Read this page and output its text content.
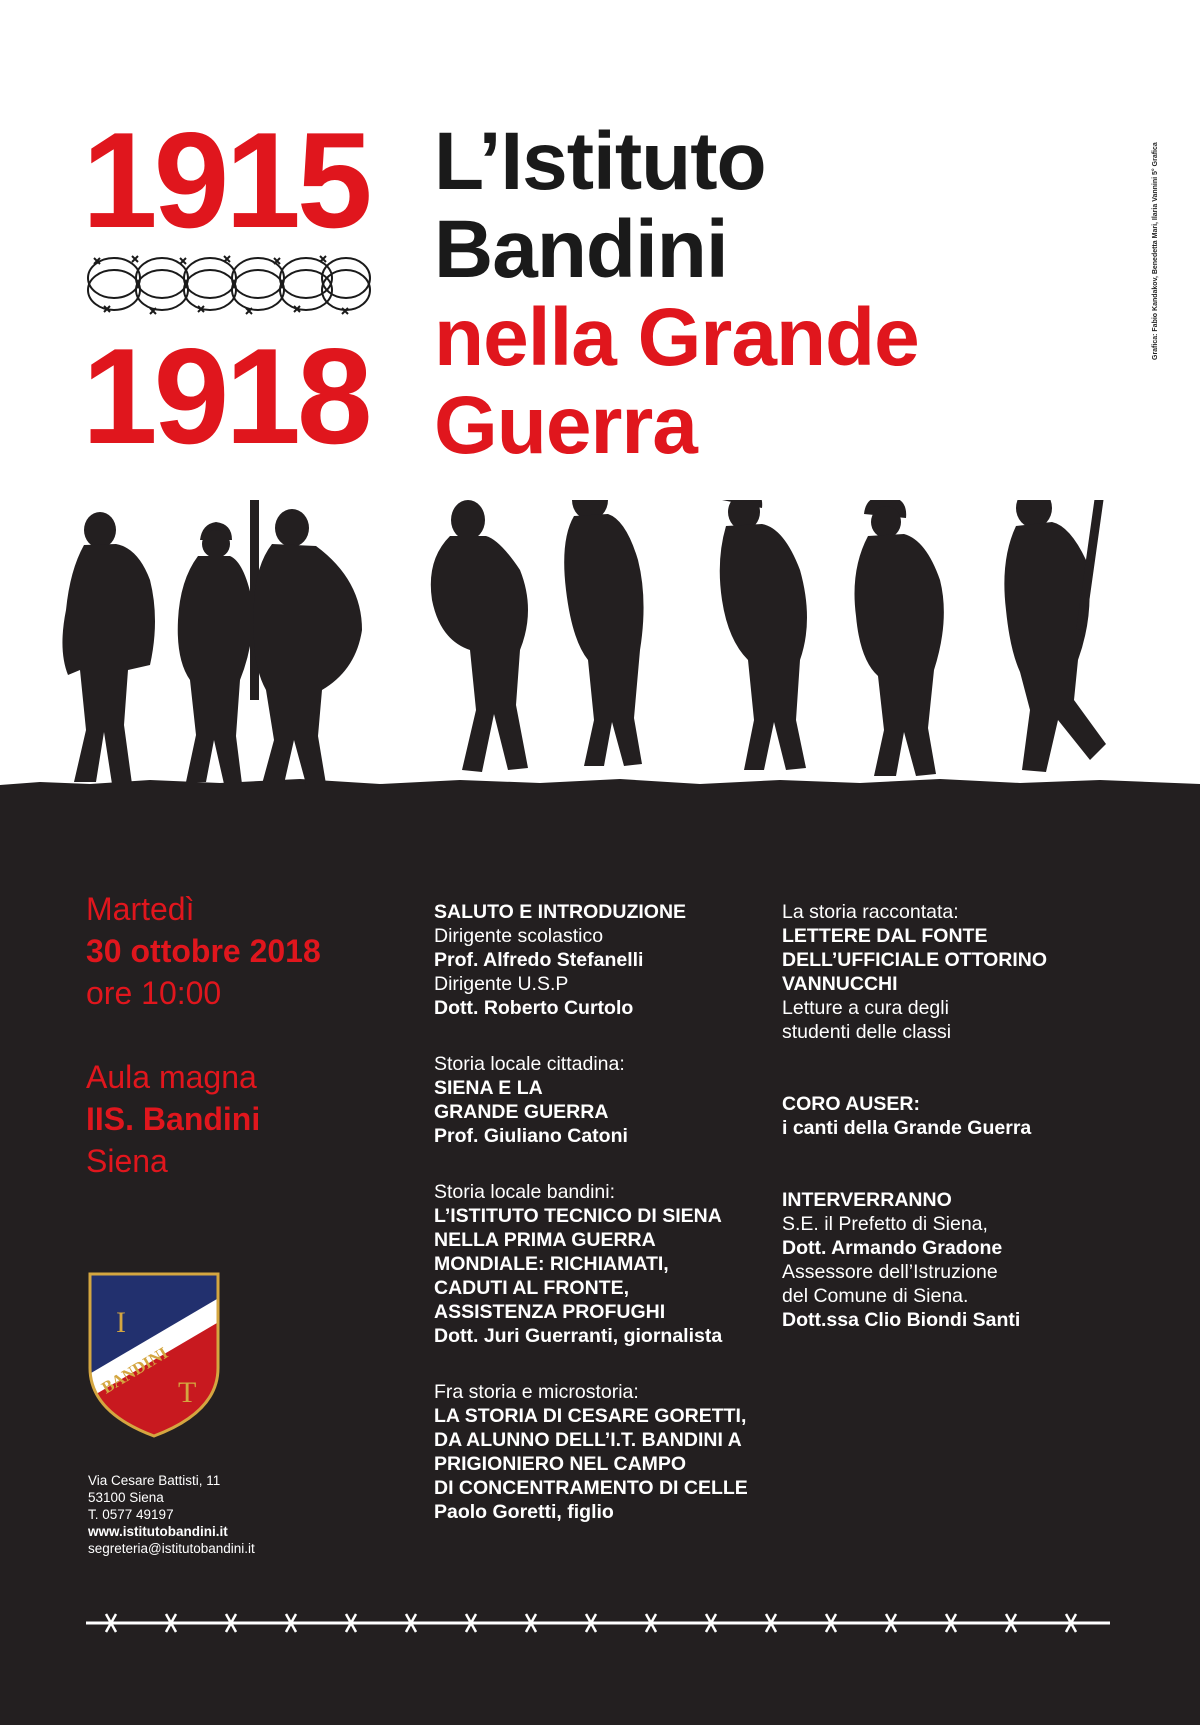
1915
1918
L’Istituto
Bandini
nella Grande
Guerra
Grafica: Fabio Kandakov, Benedetta Mari, Ilaria Vannini 5° Grafica
Martedì
30 ottobre 2018
ore 10:00
Aula magna
IIS. Bandini
Siena
SALUTO E INTRODUZIONE
Dirigente scolastico
Prof. Alfredo Stefanelli
Dirigente U.S.P
Dott. Roberto Curtolo
Storia locale cittadina:
SIENA E LA
GRANDE GUERRA
Prof. Giuliano Catoni
Storia locale bandini:
L’ISTITUTO TECNICO DI SIENA
NELLA PRIMA GUERRA
MONDIALE: RICHIAMATI,
CADUTI AL FRONTE,
ASSISTENZA PROFUGHI
Dott. Juri Guerranti, giornalista
Fra storia e microstoria:
LA STORIA DI CESARE GORETTI,
DA ALUNNO DELL’I.T. BANDINI A
PRIGIONIERO NEL CAMPO
DI CONCENTRAMENTO DI CELLE
Paolo Goretti, figlio
La storia raccontata:
LETTERE DAL FONTE
DELL’UFFICIALE OTTORINO
VANNUCCHI
Letture a cura degli
studenti delle classi
CORO AUSER:
i canti della Grande Guerra
INTERVERRANNO
S.E. il Prefetto di Siena,
Dott. Armando Gradone
Assessore dell’Istruzione
del Comune di Siena.
Dott.ssa Clio Biondi Santi
I
T
BANDINI
Via Cesare Battisti, 11
53100 Siena
T. 0577 49197
www.istitutobandini.it
segreteria@istitutobandini.it
